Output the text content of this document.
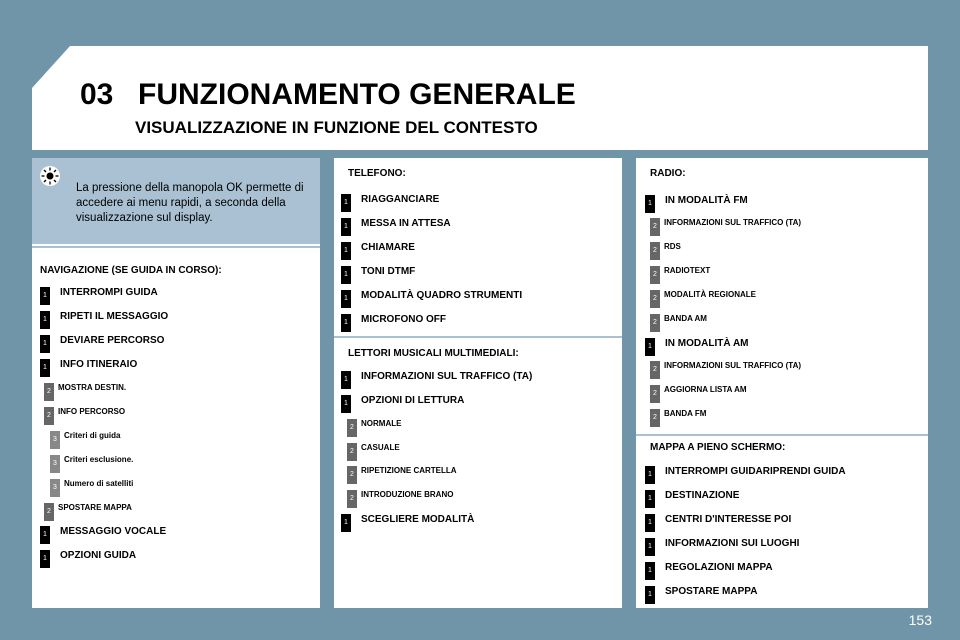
03 FUNZIONAMENTO GENERALE
VISUALIZZAZIONE IN FUNZIONE DEL CONTESTO
La pressione della manopola OK permette di accedere ai menu rapidi, a seconda della visualizzazione sul display.
NAVIGAZIONE (SE GUIDA IN CORSO):
TELEFONO:
LETTORI MUSICALI MULTIMEDIALI:
RADIO:
MAPPA A PIENO SCHERMO:
1	INTERROMPI GUIDA
1	RIPETI IL MESSAGGIO
1	DEVIARE PERCORSO
1	INFO ITINERAIO
2 MOSTRA DESTIN.
2 INFO PERCORSO
3 Criteri di guida
3 Criteri esclusione.
3 Numero di satelliti
2 SPOSTARE MAPPA
1	MESSAGGIO VOCALE
1	OPZIONI GUIDA
1	RIAGGANCIARE
1	MESSA IN ATTESA
1	CHIAMARE
1	TONI DTMF
1	MODALITÀ QUADRO STRUMENTI
1	MICROFONO OFF
1	INFORMAZIONI SUL TRAFFICO (TA)
1	OPZIONI DI LETTURA
2 NORMALE
2 CASUALE
2 RIPETIZIONE CARTELLA
2 INTRODUZIONE BRANO
1	SCEGLIERE MODALITÀ
1	IN MODALITÀ FM
2 INFORMAZIONI SUL TRAFFICO (TA)
2 RDS
2 RADIOTEXT
2 MODALITÀ REGIONALE
2 BANDA AM
1	IN MODALITÀ AM
2 INFORMAZIONI SUL TRAFFICO (TA)
2 AGGIORNA LISTA AM
2 BANDA FM
1	INTERROMPI GUIDARIPRENDI GUIDA
1	DESTINAZIONE
1	CENTRI D'INTERESSE POI
1	INFORMAZIONI SUI LUOGHI
1	REGOLAZIONI MAPPA
1	SPOSTARE MAPPA
153
